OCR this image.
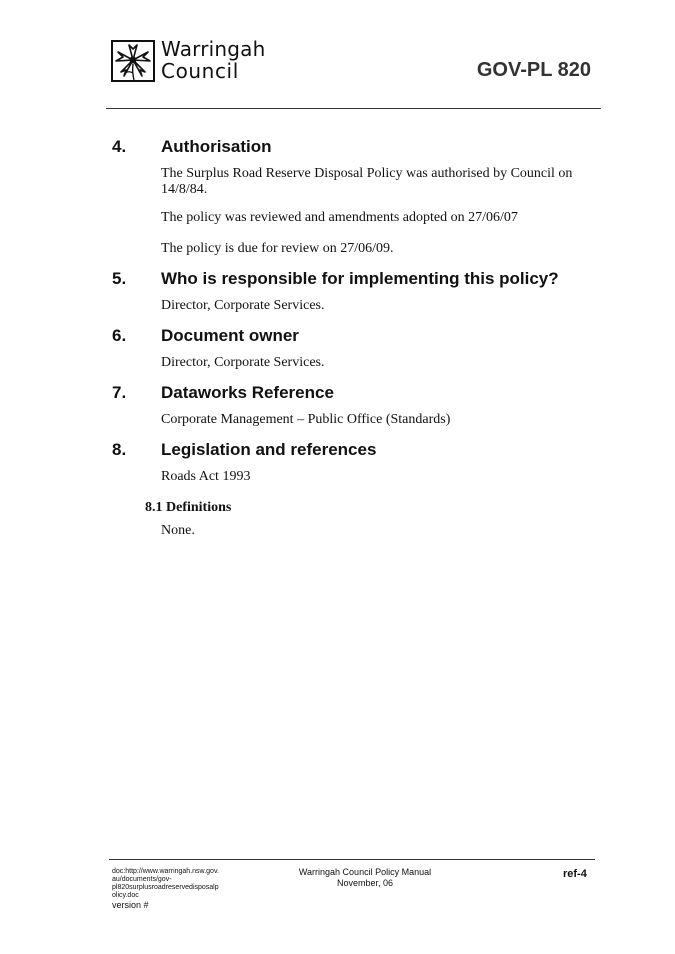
Warringah
Council	GOV-PL 820
4. Authorisation
The Surplus Road Reserve Disposal Policy was authorised by Council on 14/8/84.
The policy was reviewed and amendments adopted on 27/06/07
The policy is due for review on 27/06/09.
5. Who is responsible for implementing this policy?
Director, Corporate Services.
6. Document owner
Director, Corporate Services.
7. Dataworks Reference
Corporate Management – Public Office (Standards)
8. Legislation and references
Roads Act 1993
8.1 Definitions
None.
doc:http://www.warringah.nsw.gov.
au/documents/gov-
pl820surplusroadreservedisposalp
olicy.doc
version #
Warringah Council Policy Manual
November, 06
ref-4
